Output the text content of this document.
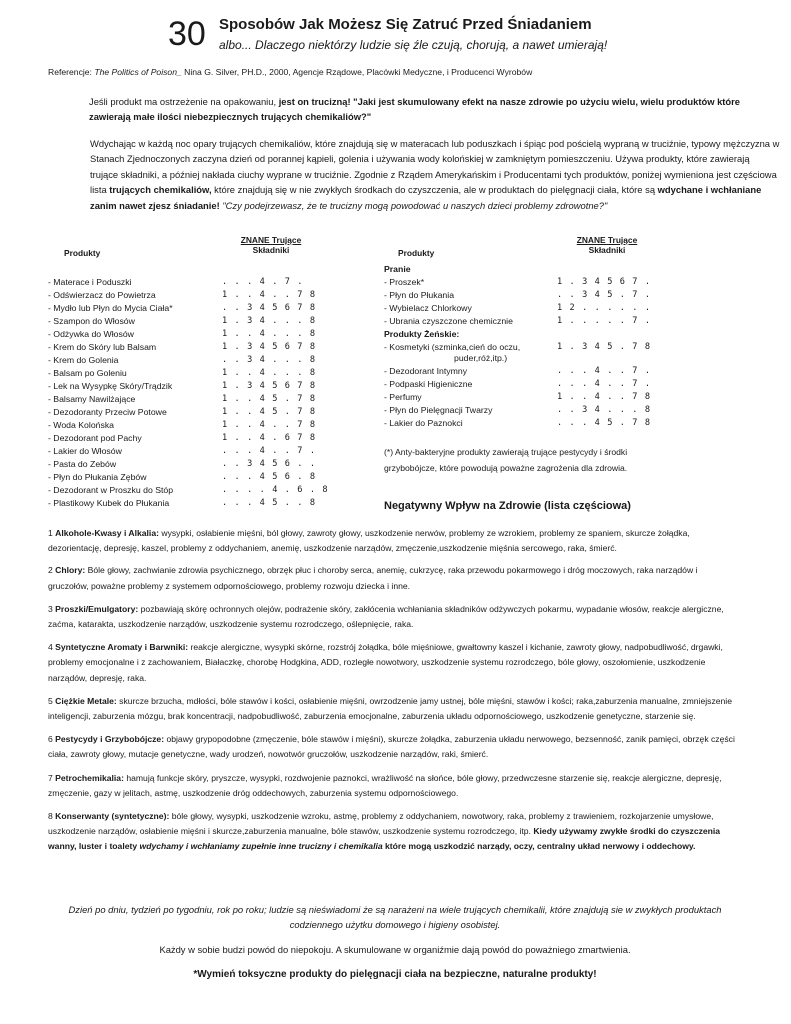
30 Sposobów Jak Możesz Się Zatruć Przed Śniadaniem
albo... Dlaczego niektórzy ludzie się źle czują, chorują, a nawet umierają!
Referencje: The Politics of Poison_ Nina G. Silver, PH.D., 2000, Agencje Rządowe, Placówki Medyczne, i Producenci Wyrobów
Jeśli produkt ma ostrzeżenie na opakowaniu, jest on trucizną! "Jaki jest skumulowany efekt na nasze zdrowie po użyciu wielu, wielu produktów które zawierają małe ilości niebezpiecznych trujących chemikaliów?"
Wdychając w każdą noc opary trujących chemikaliów, które znajdują się w materacach lub poduszkach i śpiąc pod pościelą wypraną w truciźnie, typowy mężczyzna w Stanach Zjednoczonych zaczyna dzień od porannej kąpieli, golenia i używania wody kolońskiej w zamkniętym pomieszczeniu. Używa produkty, które zawierają trujące składniki, a później nakłada ciuchy wyprane w truciźnie. Zgodnie z Rządem Amerykańskim i Producentami tych produktów, poniżej wymieniona jest częściowa lista trujących chemikaliów, które znajdują się w nie zwykłych środkach do czyszczenia, ale w produktach do pielęgnacji ciała, które są wdychane i wchłaniane zanim nawet zjesz śniadanie! "Czy podejrzewasz, że te trucizny mogą powodować u naszych dzieci problemy zdrowotne?"
Produkty
ZNANE Trujące
Składniki	Produkty
ZNANE Trujące
Składniki
- Materace i Poduszki	. . . 4 . 7 .
- Odświerzacz do Powietrza	1 . . 4 . . 7 8
- Mydło lub Płyn do Mycia Ciała*	. . 3 4 5 6 7 8
- Szampon do Włosów	1 . 3 4 . . . 8
- Odżywka do Włosów	1 . . 4 . . . 8
- Krem do Skóry lub Balsam	1 . 3 4 5 6 7 8
- Krem do Golenia	. . 3 4 . . . 8
- Balsam po Goleniu	1 . . 4 . . . 8
- Lek na Wysypkę Skóry/Trądzik	1 . 3 4 5 6 7 8
- Balsamy Nawilżające	1 . . 4 5 . 7 8
- Dezodoranty Przeciw Potowe	1 . . 4 5 . 7 8
- Woda Kolońska	1 . . 4 . . 7 8
- Dezodorant pod Pachy	1 . . 4 . 6 7 8
- Lakier do Włosów	. . . 4 . . 7 .
- Pasta do Zebów	. . 3 4 5 6 . .
- Płyn do Płukania Zębów	. . . 4 5 6 . 8
- Dezodorant w Proszku do Stóp	. . . . 4 . 6 . 8
- Plastikowy Kubek do Płukania	. . . 4 5 . . 8
Pranie
- Proszek*	1 . 3 4 5 6 7 .
- Płyn do Płukania	. . 3 4 5 . 7 .
- Wybielacz Chlorkowy	1 2 . . . . . .
- Ubrania czyszczone chemicznie	1 . . . . . 7 .
Produkty Żeńskie:
- Kosmetyki (szminka,cień do oczu,
puder,róż,itp.)
1 . 3 4 5 . 7 8
- Dezodorant Intymny	. . . 4 . . 7 .
- Podpaski Higieniczne	. . . 4 . . 7 .
- Perfumy	1 . . 4 . . 7 8
- Płyn do Pielęgnacji Twarzy	. . 3 4 . . . 8
- Lakier do Paznokci	. . . 4 5 . 7 8
(*) Anty-bakteryjne produkty zawierają trujące pestycydy i środki grzybobójcze, które powodują poważne zagrożenia dla zdrowia.
Negatywny Wpływ na Zdrowie (lista częściowa)
1 Alkohole-Kwasy i Alkalia: wysypki, osłabienie mięśni, ból głowy, zawroty głowy, uszkodzenie nerwów, problemy ze wzrokiem, problemy ze spaniem, skurcze żołądka, dezorientację, depresję, kaszel, problemy z oddychaniem, anemię, uszkodzenie narządów, zmęczenie,uszkodzenie mięśnia sercowego, raka, śmierć.
2 Chlory: Bóle głowy, zachwianie zdrowia psychicznego, obrzęk płuc i choroby serca, anemię, cukrzycę, raka przewodu pokarmowego i dróg moczowych, raka narządów i gruczołów, poważne problemy z systemem odpornościowego, problemy rozwoju dziecka i inne.
3 Proszki/Emulgatory: pozbawiają skórę ochronnych olejów, podrażenie skóry, zakłócenia wchłaniania składników odżywczych pokarmu, wypadanie włosów, reakcje alergiczne, zaćma, katarakta, uszkodzenie narządów, uszkodzenie systemu rozrodczego, oślepnięcie, raka.
4 Syntetyczne Aromaty i Barwniki: reakcje alergiczne, wysypki skórne, rozstrój żołądka, bóle mięśniowe, gwałtowny kaszel i kichanie, zawroty głowy, nadpobudliwość, drgawki, problemy emocjonalne i z zachowaniem, Białaczkę, chorobę Hodgkina, ADD, rozległe nowotwory, uszkodzenie systemu rozrodczego, bóle głowy, oszołomienie, uszkodzenie narządów, depresję, raka.
5 Ciężkie Metale: skurcze brzucha, mdłości, bóle stawów i kości, osłabienie mięśni, owrzodzenie jamy ustnej, bóle mięśni, stawów i kości; raka,zaburzenia manualne, zmniejszenie inteligencji, zaburzenia mózgu, brak koncentracji, nadpobudliwość, zaburzenia emocjonalne, zaburzenia układu odpornościowego, uszkodzenie genetyczne, starzenie się.
6 Pestycydy i Grzybobójcze: objawy grypopodobne (zmęczenie, bóle stawów i mięśni), skurcze żołądka, zaburzenia układu nerwowego, bezsenność, zanik pamięci, obrzęk części ciała, zawroty głowy, mutacje genetyczne, wady urodzeń, nowotwór gruczołów, uszkodzenie narządów, raki, śmierć.
7 Petrochemikalia: hamują funkcje skóry, pryszcze, wysypki, rozdwojenie paznokci, wrażliwość na słońce, bóle głowy, przedwczesne starzenie się, reakcje alergiczne, depresję, zmęczenie, gazy w jelitach, astmę, uszkodzenie dróg oddechowych, zaburzenia systemu odpornościowego.
8 Konserwanty (syntetyczne): bóle głowy, wysypki, uszkodzenie wzroku, astmę, problemy z oddychaniem, nowotwory, raka, problemy z trawieniem, rozkojarzenie umysłowe, uszkodzenie narządów, osłabienie mięśni i skurcze,zaburzenia manualne, bóle stawów, uszkodzenie systemu rozrodczego, itp. Kiedy używamy zwykłe środki do czyszczenia wanny, luster i toalety wdychamy i wchłaniamy zupełnie inne trucizny i chemikalia które mogą uszkodzić narządy, oczy, centralny układ nerwowy i oddechowy.
Dzień po dniu, tydzień po tygodniu, rok po roku; ludzie są nieświadomi że są narażeni na wiele trujących chemikalii, które znajdują sie w zwykłych produktach codziennego użytku domowego i higieny osobistej.
Każdy w sobie budzi powód do niepokoju. A skumulowane w organiźmie dają powód do poważniego zmartwienia.
*Wymień toksyczne produkty do pielęgnacji ciała na bezpieczne, naturalne produkty!
